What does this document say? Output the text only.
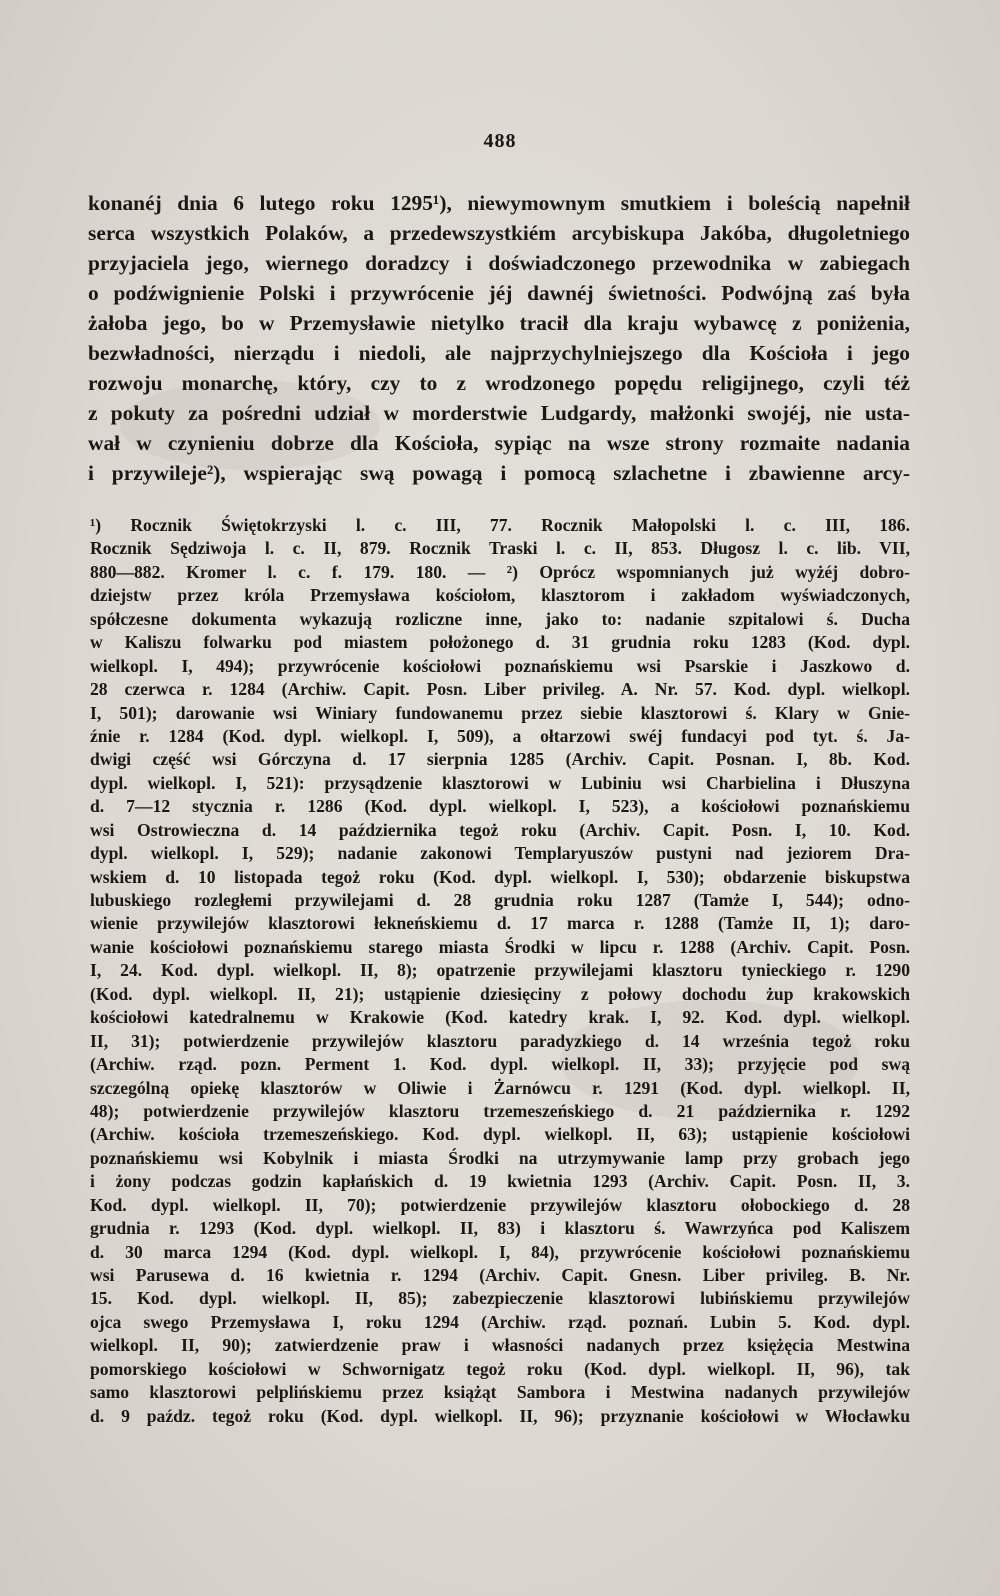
488
konanéj dnia 6 lutego roku 1295¹), niewymownym smutkiem i boleścią napełnił
serca wszystkich Polaków, a przedewszystkiém arcybiskupa Jakóba, długoletniego
przyjaciela jego, wiernego doradzcy i doświadczonego przewodnika w zabiegach
o podźwignienie Polski i przywrócenie jéj dawnéj świetności. Podwójną zaś była
żałoba jego, bo w Przemysławie nietylko tracił dla kraju wybawcę z poniżenia,
bezwładności, nierządu i niedoli, ale najprzychylniejszego dla Kościoła i jego
rozwoju monarchę, który, czy to z wrodzonego popędu religijnego, czyli téż
z pokuty za pośredni udział w morderstwie Ludgardy, małżonki swojéj, nie usta-
wał w czynieniu dobrze dla Kościoła, sypiąc na wsze strony rozmaite nadania
i przywileje²), wspierając swą powagą i pomocą szlachetne i zbawienne arcy-
¹) Rocznik Świętokrzyski l. c. III, 77. Rocznik Małopolski l. c. III, 186.
Rocznik Sędziwoja l. c. II, 879. Rocznik Traski l. c. II, 853. Długosz l. c. lib. VII,
880—882. Kromer l. c. f. 179. 180. — ²) Oprócz wspomnianych już wyżéj dobro-
dziejstw przez króla Przemysława kościołom, klasztorom i zakładom wyświadczonych,
spółczesne dokumenta wykazują rozliczne inne, jako to: nadanie szpitalowi ś. Ducha
w Kaliszu folwarku pod miastem położonego d. 31 grudnia roku 1283 (Kod. dypl.
wielkopl. I, 494); przywrócenie kościołowi poznańskiemu wsi Psarskie i Jaszkowo d.
28 czerwca r. 1284 (Archiw. Capit. Posn. Liber privileg. A. Nr. 57. Kod. dypl. wielkopl.
I, 501); darowanie wsi Winiary fundowanemu przez siebie klasztorowi ś. Klary w Gnie-
źnie r. 1284 (Kod. dypl. wielkopl. I, 509), a ołtarzowi swéj fundacyi pod tyt. ś. Ja-
dwigi część wsi Górczyna d. 17 sierpnia 1285 (Archiv. Capit. Posnan. I, 8b. Kod.
dypl. wielkopl. I, 521): przysądzenie klasztorowi w Lubiniu wsi Charbielina i Dłuszyna
d. 7—12 stycznia r. 1286 (Kod. dypl. wielkopl. I, 523), a kościołowi poznańskiemu
wsi Ostrowieczna d. 14 października tegoż roku (Archiv. Capit. Posn. I, 10. Kod.
dypl. wielkopl. I, 529); nadanie zakonowi Templaryuszów pustyni nad jeziorem Dra-
wskiem d. 10 listopada tegoż roku (Kod. dypl. wielkopl. I, 530); obdarzenie biskupstwa
lubuskiego rozległemi przywilejami d. 28 grudnia roku 1287 (Tamże I, 544); odno-
wienie przywilejów klasztorowi łekneńskiemu d. 17 marca r. 1288 (Tamże II, 1); daro-
wanie kościołowi poznańskiemu starego miasta Środki w lipcu r. 1288 (Archiv. Capit. Posn.
I, 24. Kod. dypl. wielkopl. II, 8); opatrzenie przywilejami klasztoru tynieckiego r. 1290
(Kod. dypl. wielkopl. II, 21); ustąpienie dziesięciny z połowy dochodu żup krakowskich
kościołowi katedralnemu w Krakowie (Kod. katedry krak. I, 92. Kod. dypl. wielkopl.
II, 31); potwierdzenie przywilejów klasztoru paradyzkiego d. 14 września tegoż roku
(Archiw. rząd. pozn. Perment 1. Kod. dypl. wielkopl. II, 33); przyjęcie pod swą
szczególną opiekę klasztorów w Oliwie i Żarnówcu r. 1291 (Kod. dypl. wielkopl. II,
48); potwierdzenie przywilejów klasztoru trzemeszeńskiego d. 21 października r. 1292
(Archiw. kościoła trzemeszeńskiego. Kod. dypl. wielkopl. II, 63); ustąpienie kościołowi
poznańskiemu wsi Kobylnik i miasta Środki na utrzymywanie lamp przy grobach jego
i żony podczas godzin kapłańskich d. 19 kwietnia 1293 (Archiv. Capit. Posn. II, 3.
Kod. dypl. wielkopl. II, 70); potwierdzenie przywilejów klasztoru ołobockiego d. 28
grudnia r. 1293 (Kod. dypl. wielkopl. II, 83) i klasztoru ś. Wawrzyńca pod Kaliszem
d. 30 marca 1294 (Kod. dypl. wielkopl. I, 84), przywrócenie kościołowi poznańskiemu
wsi Parusewa d. 16 kwietnia r. 1294 (Archiv. Capit. Gnesn. Liber privileg. B. Nr.
15. Kod. dypl. wielkopl. II, 85); zabezpieczenie klasztorowi lubińskiemu przywilejów
ojca swego Przemysława I, roku 1294 (Archiw. rząd. poznań. Lubin 5. Kod. dypl.
wielkopl. II, 90); zatwierdzenie praw i własności nadanych przez księżęcia Mestwina
pomorskiego kościołowi w Schwornigatz tegoż roku (Kod. dypl. wielkopl. II, 96), tak
samo klasztorowi pelplińskiemu przez książąt Sambora i Mestwina nadanych przywilejów
d. 9 paźdz. tegoż roku (Kod. dypl. wielkopl. II, 96); przyznanie kościołowi w Włocławku
